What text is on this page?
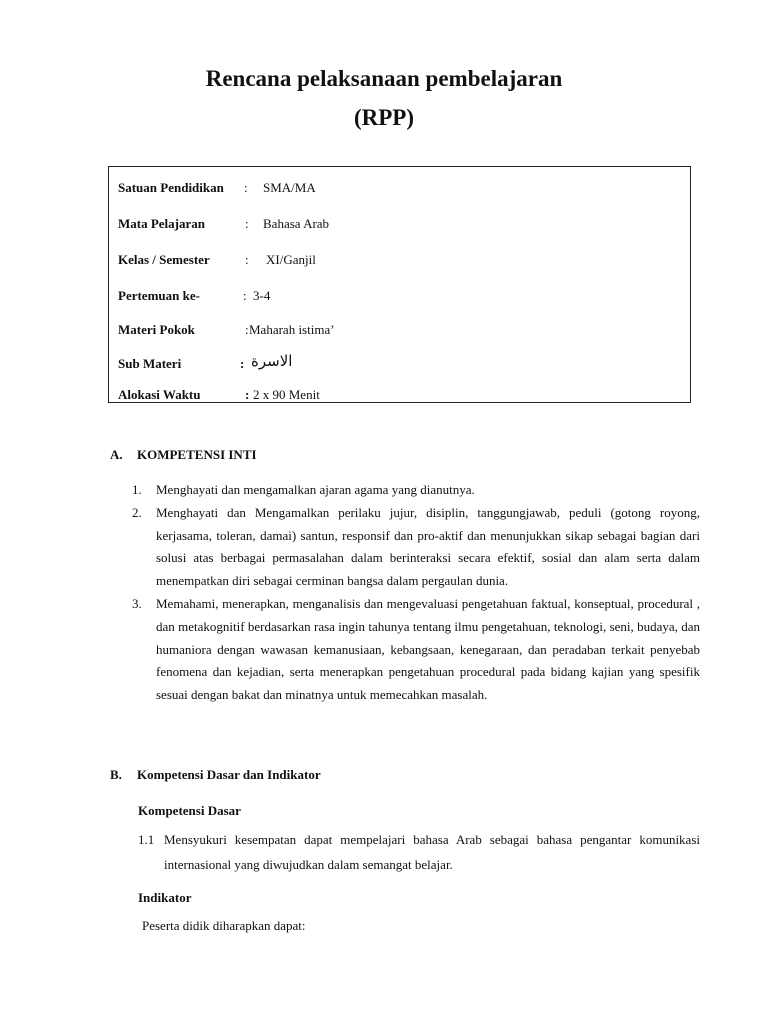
Rencana pelaksanaan pembelajaran
(RPP)
Satuan Pendidikan : SMA/MA
Mata Pelajaran	: Bahasa Arab
Kelas / Semester	: XI/Ganjil
Pertemuan ke-	: 3-4
Materi Pokok	: Maharah istima’
Sub Materi	: الاسرة
Alokasi Waktu	: 2 x 90 Menit
A. KOMPETENSI INTI
1. Menghayati dan mengamalkan ajaran agama yang dianutnya.
2. Menghayati dan Mengamalkan perilaku jujur, disiplin, tanggungjawab, peduli (gotong royong, kerjasama, toleran, damai) santun, responsif dan pro-aktif dan menunjukkan sikap sebagai bagian dari solusi atas berbagai permasalahan dalam berinteraksi secara efektif, sosial dan alam serta dalam menempatkan diri sebagai cerminan bangsa dalam pergaulan dunia.
3. Memahami, menerapkan, menganalisis dan mengevaluasi pengetahuan faktual, konseptual, procedural , dan metakognitif berdasarkan rasa ingin tahunya tentang ilmu pengetahuan, teknologi, seni, budaya, dan humaniora dengan wawasan kemanusiaan, kebangsaan, kenegaraan, dan peradaban terkait penyebab fenomena dan kejadian, serta menerapkan pengetahuan procedural pada bidang kajian yang spesifik sesuai dengan bakat dan minatnya untuk memecahkan masalah.
B. Kompetensi Dasar dan Indikator
Kompetensi Dasar
1.1 Mensyukuri kesempatan dapat mempelajari bahasa Arab sebagai bahasa pengantar komunikasi internasional yang diwujudkan dalam semangat belajar.
Indikator
Peserta didik diharapkan dapat:
